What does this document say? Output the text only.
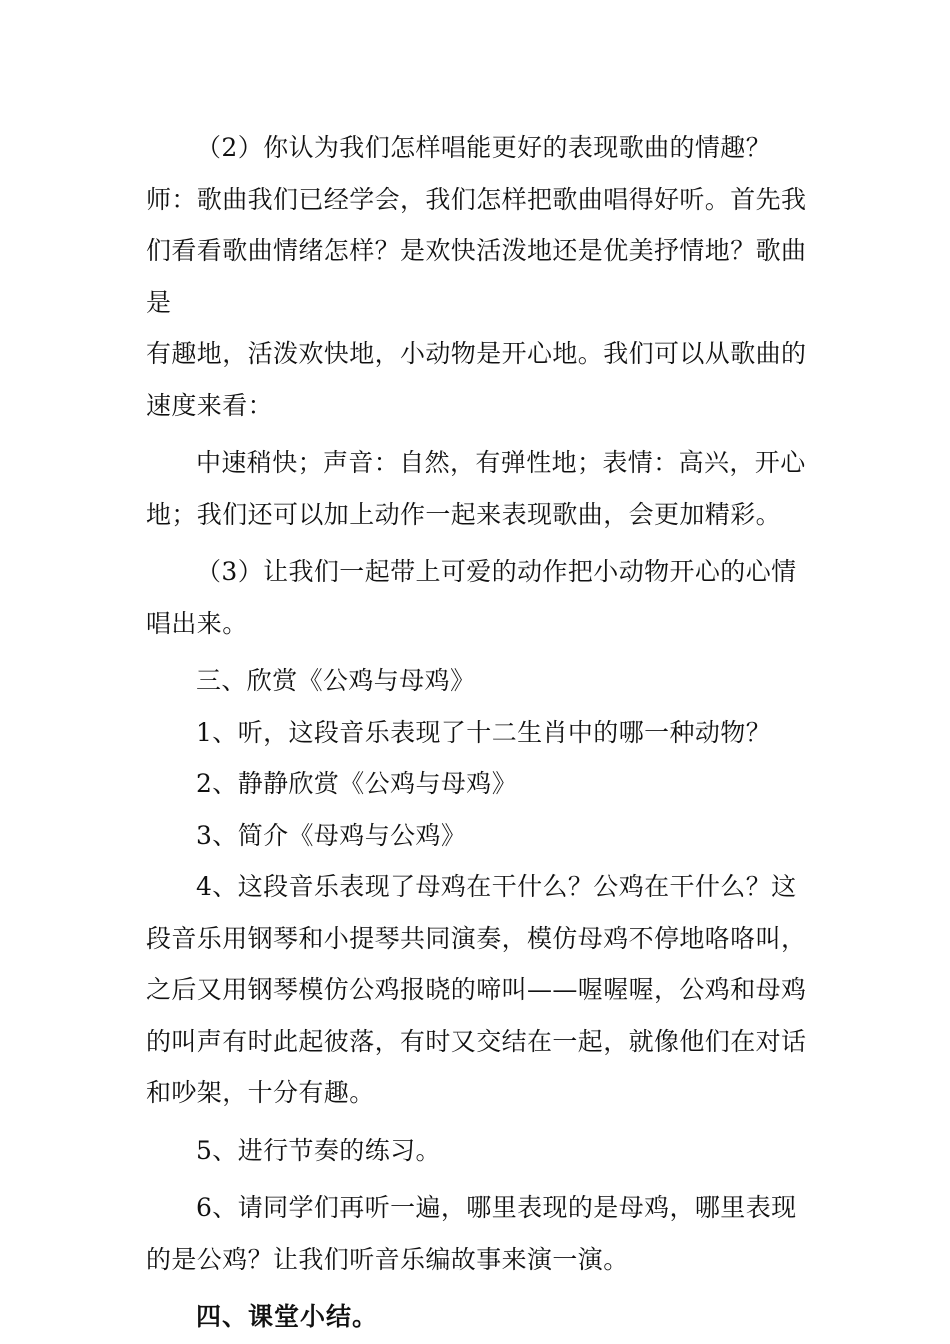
（2）你认为我们怎样唱能更好的表现歌曲的情趣？师：歌曲我们已经学会，我们怎样把歌曲唱得好听。首先我们看看歌曲情绪怎样？是欢快活泼地还是优美抒情地？歌曲是

有趣地，活泼欢快地，小动物是开心地。我们可以从歌曲的速度来看：

中速稍快；声音：自然，有弹性地；表情：高兴，开心地；我们还可以加上动作一起来表现歌曲，会更加精彩。

（3）让我们一起带上可爱的动作把小动物开心的心情唱出来。

三、欣赏《公鸡与母鸡》

1、听，这段音乐表现了十二生肖中的哪一种动物？

2、静静欣赏《公鸡与母鸡》

3、简介《母鸡与公鸡》

4、这段音乐表现了母鸡在干什么？公鸡在干什么？这段音乐用钢琴和小提琴共同演奏，模仿母鸡不停地咯咯叫，之后又用钢琴模仿公鸡报晓的啼叫——喔喔喔，公鸡和母鸡的叫声有时此起彼落，有时又交结在一起，就像他们在对话和吵架，十分有趣。

5、进行节奏的练习。

6、请同学们再听一遍，哪里表现的是母鸡，哪里表现的是公鸡？让我们听音乐编故事来演一演。

四、课堂小结。
